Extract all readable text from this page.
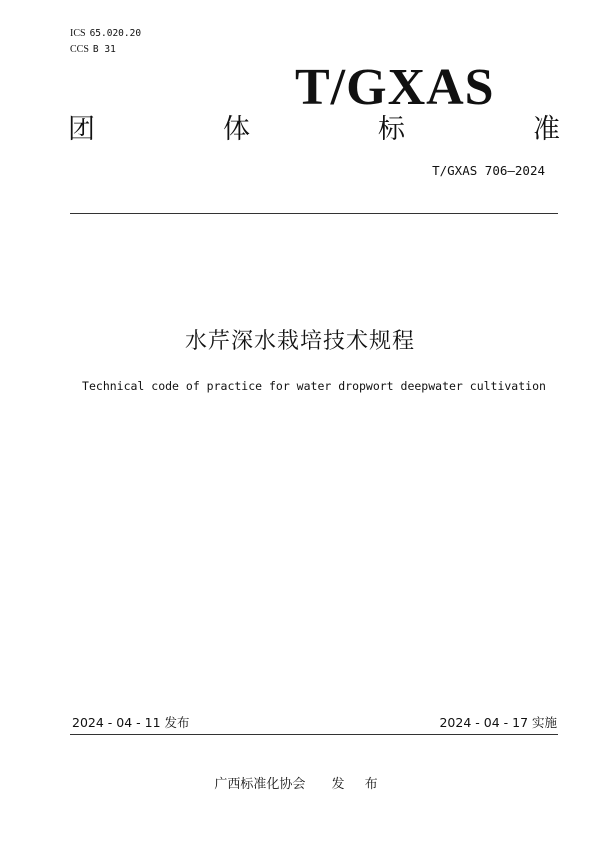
ICS 65.020.20
CCS B 31
T/GXAS
团	体	标	准
T/GXAS 706—2024
水芹深水栽培技术规程
Technical code of practice for water dropwort deepwater cultivation
2024 - 04 - 11 发布	2024 - 04 - 17 实施
广西标准化协会 发 布
